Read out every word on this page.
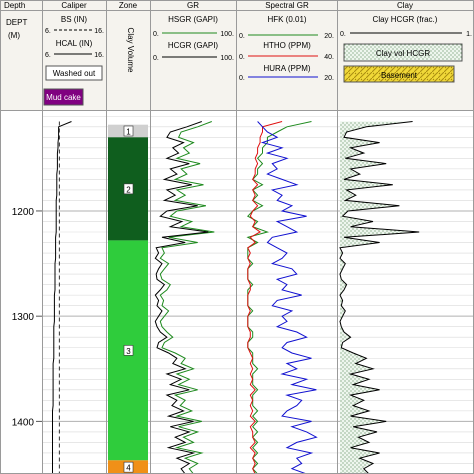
1
2
3
4
Depth	Caliper	Zone	GR	Spectral GR	Clay
DEPT
(M)
BS (IN)
6.	16.
HCAL (IN)
6.	16.
Washed out
Mud cake
Clay Volume
HSGR (GAPI)
0.	100.
HCGR (GAPI)
0.	100.
HFK (0.01)
0.	20.
HTHO (PPM)
0.	40.
HURA (PPM)
0.	20.
Clay HCGR (frac.)
0.	1.
Clay vol HCGR
Basement
1200
1300
1400
